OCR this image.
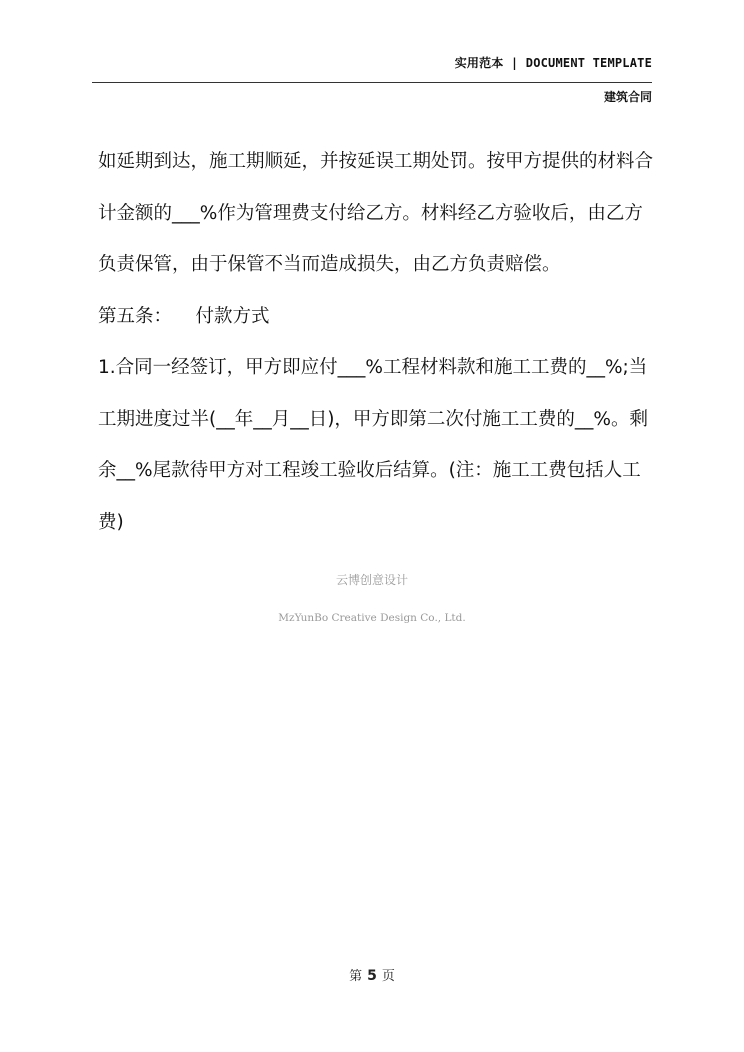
实用范本 | DOCUMENT TEMPLATE
建筑合同

如延期到达，施工期顺延，并按延误工期处罚。按甲方提供的材料合计金额的___%作为管理费支付给乙方。材料经乙方验收后，由乙方负责保管，由于保管不当而造成损失，由乙方负责赔偿。

第五条：    付款方式

1.合同一经签订，甲方即应付___%工程材料款和施工工费的__%;当工期进度过半(__年__月__日)，甲方即第二次付施工工费的__%。剩余__%尾款待甲方对工程竣工验收后结算。(注：施工工费包括人工费)

云博创意设计
MzYunBo Creative Design Co., Ltd.
第 5 页
